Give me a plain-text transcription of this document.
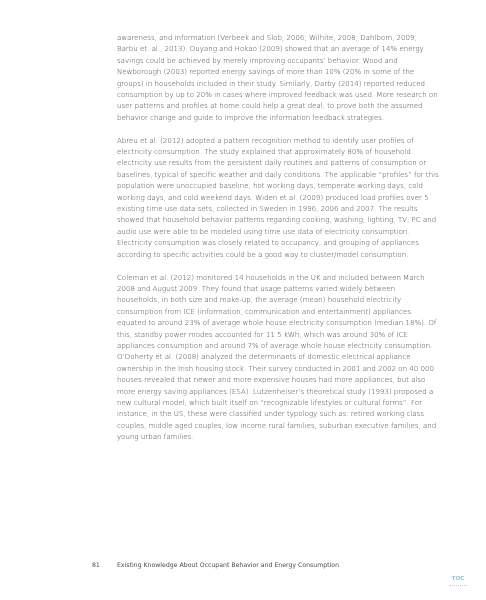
awareness, and information (Verbeek and Slob, 2006; Wilhite, 2008; Dahlbom, 2009; Barbu et. al., 2013). Ouyang and Hokao (2009) showed that an average of 14% energy savings could be achieved by merely improving occupants’ behavior. Wood and Newborough (2003) reported energy savings of more than 10% (20% in some of the groups) in households included in their study. Similarly, Darby (2014) reported reduced consumption by up to 20% in cases where improved feedback was used. More research on user patterns and profiles at home could help a great deal, to prove both the assumed behavior change and guide to improve the information feedback strategies.

Abreu et al. (2012) adopted a pattern recognition method to identify user profiles of electricity consumption. The study explained that approximately 80% of household electricity use results from the persistent daily routines and patterns of consumption or baselines, typical of specific weather and daily conditions. The applicable “profiles” for this population were unoccupied baseline, hot working days, temperate working days, cold working days, and cold weekend days. Widen et al. (2009) produced load profiles over 5 existing time use data sets, collected in Sweden in 1996, 2006 and 2007. The results showed that household behavior patterns regarding cooking, washing, lighting, TV, PC and audio use were able to be modeled using time use data of electricity consumption. Electricity consumption was closely related to occupancy, and grouping of appliances according to specific activities could be a good way to cluster/model consumption.

Coleman et al. (2012) monitored 14 households in the UK and included between March 2008 and August 2009. They found that usage patterns varied widely between households, in both size and make-up, the average (mean) household electricity consumption from ICE (information, communication and entertainment) appliances equated to around 23% of average whole house electricity consumption (median 18%). Of this, standby power modes accounted for 11.5 kWh, which was around 30% of ICE appliances consumption and around 7% of average whole house electricity consumption. O’Doherty et al. (2008) analyzed the determinants of domestic electrical appliance ownership in the Irish housing stock. Their survey conducted in 2001 and 2002 on 40 000 houses revealed that newer and more expensive houses had more appliances, but also more energy saving appliances (ESA). Lutzenheiser’s theoretical study (1993) proposed a new cultural model, which built itself on “recognizable lifestyles or cultural forms”. For instance, in the US, these were classified under typology such as: retired working class couples, middle aged couples, low income rural families, suburban executive families, and young urban families.

81	Existing Knowledge About Occupant Behavior and Energy Consumption
TOC
